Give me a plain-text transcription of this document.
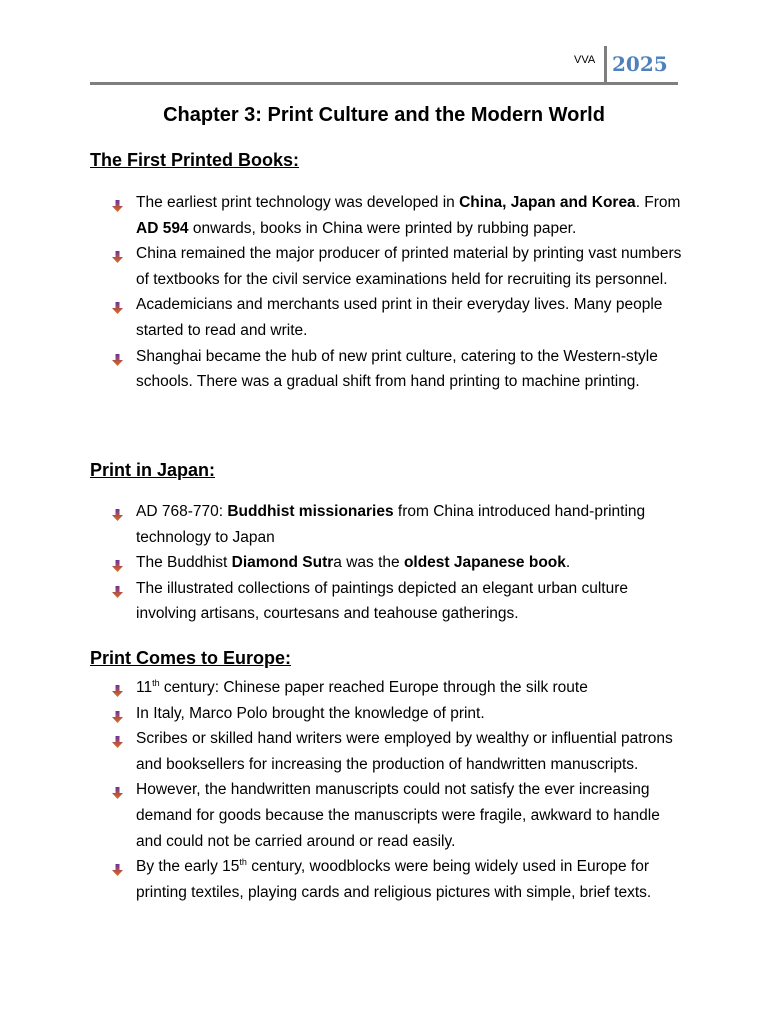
VVA 2025
Chapter 3: Print Culture and the Modern World
The First Printed Books:
The earliest print technology was developed in China, Japan and Korea. From AD 594 onwards, books in China were printed by rubbing paper.
China remained the major producer of printed material by printing vast numbers of textbooks for the civil service examinations held for recruiting its personnel.
Academicians and merchants used print in their everyday lives. Many people started to read and write.
Shanghai became the hub of new print culture, catering to the Western-style schools. There was a gradual shift from hand printing to machine printing.
Print in Japan:
AD 768-770: Buddhist missionaries from China introduced hand-printing technology to Japan
The Buddhist Diamond Sutra was the oldest Japanese book.
The illustrated collections of paintings depicted an elegant urban culture involving artisans, courtesans and teahouse gatherings.
Print Comes to Europe:
11th century: Chinese paper reached Europe through the silk route
In Italy, Marco Polo brought the knowledge of print.
Scribes or skilled hand writers were employed by wealthy or influential patrons and booksellers for increasing the production of handwritten manuscripts.
However, the handwritten manuscripts could not satisfy the ever increasing demand for goods because the manuscripts were fragile, awkward to handle and could not be carried around or read easily.
By the early 15th century, woodblocks were being widely used in Europe for printing textiles, playing cards and religious pictures with simple, brief texts.
